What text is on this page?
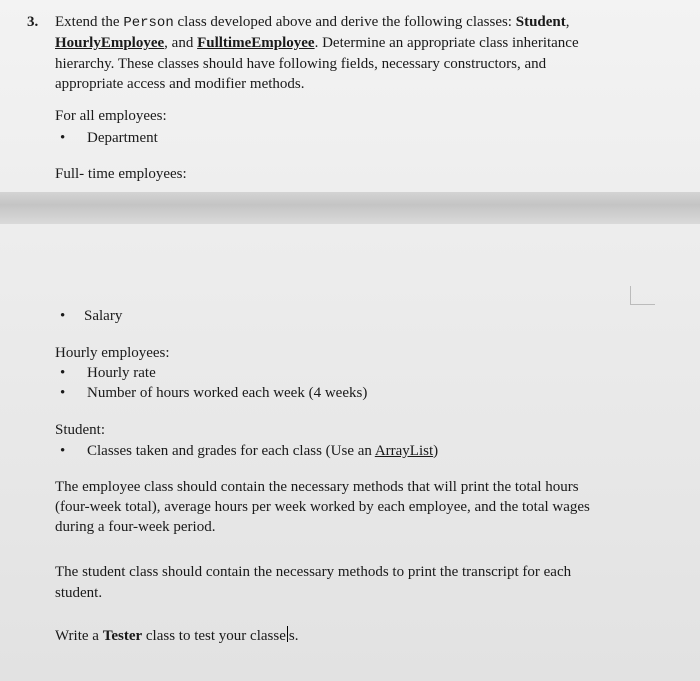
3. Extend the Person class developed above and derive the following classes: Student,

HourlyEmployee, and FulltimeEmployee. Determine an appropriate class inheritance

hierarchy. These classes should have following fields, necessary constructors, and

appropriate access and modifier methods.

For all employees:

• Department

Full- time employees:

• Salary

Hourly employees:

• Hourly rate

• Number of hours worked each week (4 weeks)

Student:

• Classes taken and grades for each class (Use an ArrayList)

The employee class should contain the necessary methods that will print the total hours

(four-week total), average hours per week worked by each employee, and the total wages

during a four-week period.

The student class should contain the necessary methods to print the transcript for each

student.

Write a Tester class to test your classe s.
